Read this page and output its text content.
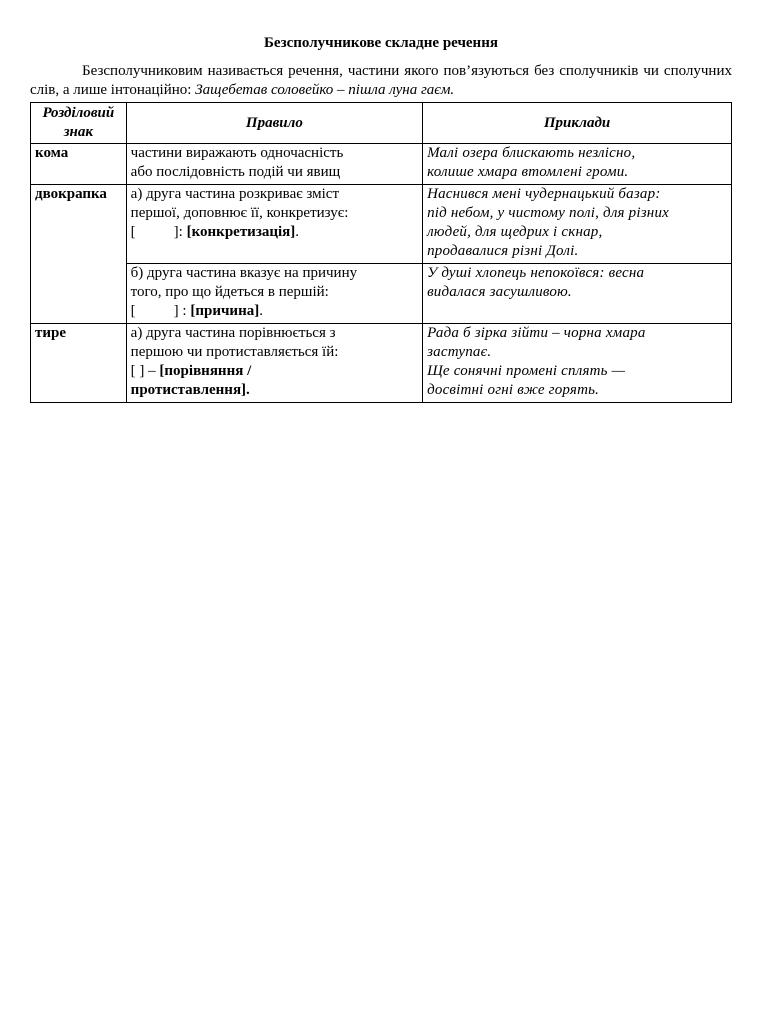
Безсполучникове складне речення

Безсполучниковим називається речення, частини якого пов’язуються без сполучників чи сполучних слів, а лише інтонаційно: Защебетав соловейко – пішла луна гаєм.

Розділовий знак	Правило	Приклади
кома	частини виражають одночасність
або послідовність подій чи явищ	Малі озера блискають незлісно,
колише хмара втомлені громи.

двокрапка	а) друга частина розкриває зміст
першої, доповнює її, конкретизує:
[ ]: [конкретизація].	Наснився мені чудернацький базар:
під небом, у чистому полі, для різних
людей, для щедрих і скнар,
продавалися різні Долі.

	б) друга частина вказує на причину
того, про що йдеться в першій:
[ ] : [причина].	У душі хлопець непокоївся: весна
видалася засушливою.

тире	а) друга частина порівнюється з
першою чи протиставляється їй:
[ ] – [порівняння /
протиставлення].	Рада б зірка зійти – чорна хмара
заступає.
Ще сонячні промені сплять —
досвітні огні вже горять.
